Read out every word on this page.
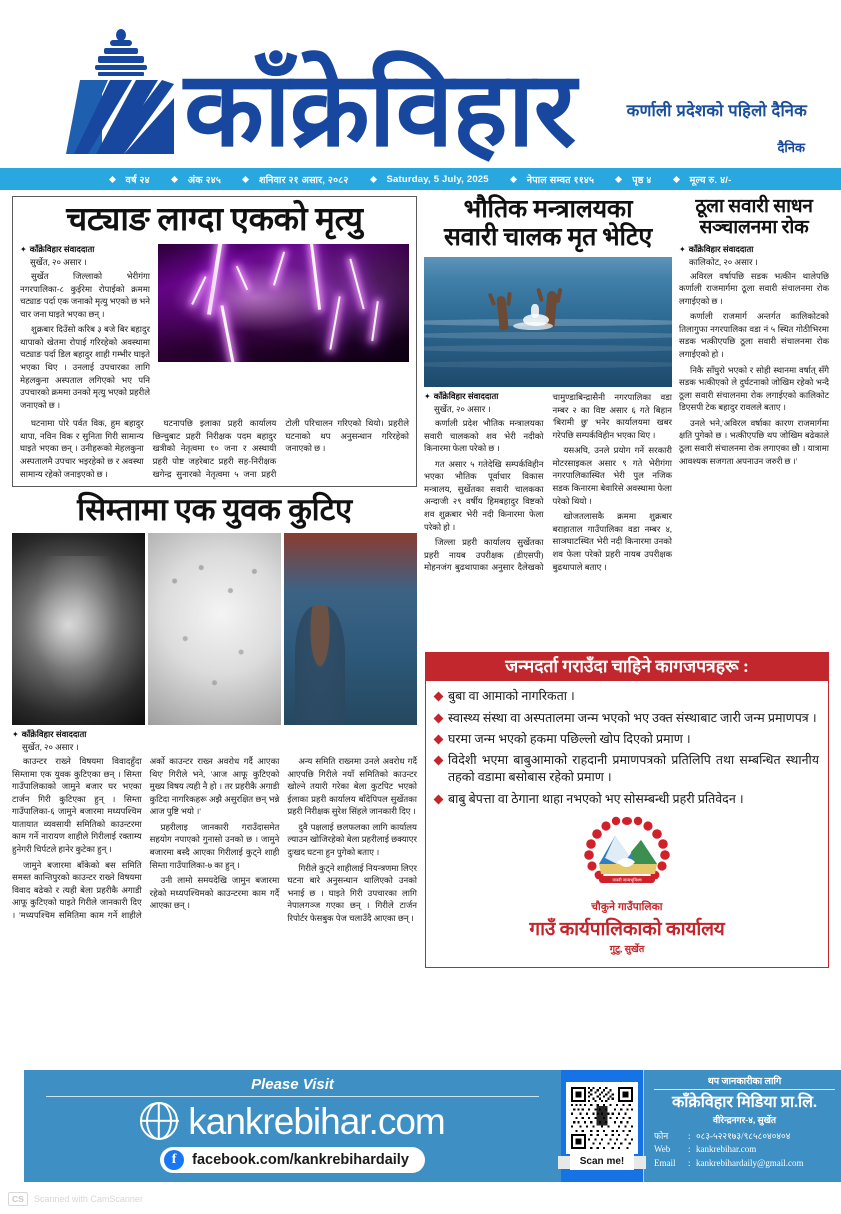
कर्णाली प्रदेशको पहिलो दैनिक
काँक्रेविहार	दैनिक
वर्ष २४	अंक २४५	शनिवार २१ असार, २०८२	Saturday, 5 July, 2025	नेपाल सम्वत ११४५	पृष्ठ ४	मूल्य रु. ४/-
चट्याङ लाग्दा एकको मृत्यु
✦ काँक्रेविहार संवाददाता

सुर्खेत, २० असार ।

सुर्खेत जिल्लाको भेरीगंगा नगरपालिका-८ कुईरेमा रोपाईको क्रममा चट्याङ पर्दा एक जनाको मृत्यु भएको छ भने चार जना घाइते भएका छन् ।

शुक्रबार दिउँसो करिब ३ बजे बिर बहादुर थापाको खेतमा रोपाई गरिरहेको अवस्थामा चट्याङ पर्दा डिल बहादुर शाही गम्भीर घाइते भएका थिए । उनलाई उपचारका लागि मेहलकुना अस्पताल लगिएको भए पनि उपचारको क्रममा उनको मृत्यु भएको प्रहरीले जनाएको छ ।

घटनामा पोरे पर्वत विक, हुम बहादुर थापा, नविन विक र सुनिता गिरी सामान्य घाइते भएका छन् । उनीहरूको मेहलकुना अस्पतालमै उपचार भइरहेको छ र अवस्था सामान्य रहेको जनाइएको छ ।

घटनापछि इलाका प्रहरी कार्यालय छिन्चुबाट प्रहरी निरीक्षक पदम बहादुर खत्रीको नेतृत्वमा १० जना र अस्थायी प्रहरी पोष्ट जहरेबाट प्रहरी सह-निरीक्षक खगेन्द्र सुनारको नेतृत्वमा ५ जना प्रहरी टोली परिचालन गरिएको थियो। प्रहरीले घटनाको थप अनुसन्धान गरिरहेको जनाएको छ ।

सिम्तामा एक युवक कुटिए
✦ काँक्रेविहार संवाददाता

सुर्खेत, २० असार ।

काउन्टर राख्ने विषयमा विवादहुँदा सिम्तामा एक युवक कुटिएका छन् । सिम्ता गाउँपालिकाको जामुने बजार घर भएका टार्जन गिरी कुटिएका हुन् । सिम्ता गाउँपालिका-६ जामुने बजारमा मध्यपश्चिम यातायात व्यवसायी समितिको काउन्टरमा काम गर्ने नारायण शाहीले गिरीलाई रक्ताम्य हुनेगरी चिर्पटले हानेर कुटेका हुन् ।

जामुने बजारमा बाँकेको बस समिति समस्त कान्तिपुरको काउन्टर राख्ने विषयमा विवाद बढेको र त्यही बेला प्रहरीकै अगाडी आफू कुटिएको घाइते गिरीले जानकारी दिए । 'मध्यपश्चिम समितिमा काम गर्ने शाहीले अर्को काउन्टर राख्न अवरोध गर्दै आएका थिए' गिरीले भने, 'आज आफू कुटिएको मुख्य विषय त्यही नै हो । तर प्रहरीकै अगाडी कुटिदा नागरिकहरू अझै असुरक्षित छन् भन्ने आज पुष्टि भयो ।'

प्रहरीलाइ जानकारी गराउँदासमेत सहयोग नपाएको गुनासो उनको छ । जामुने बजारमा बस्दै आएका गिरीलाई कुट्ने शाही सिम्ता गाउँपालिका-७ का हुन् ।

उनी लामो समयदेखि जामुन बजारमा रहेको मध्यपश्चिमको काउन्टरमा काम गर्दै आएका छन् ।

अन्य समिति राख्नमा उनले अवरोध गर्दै आएपछि गिरीले नयाँ समितिको काउन्टर खोल्ने तयारी गरेका बेला कुटपिट भएको ईलाका प्रहरी कार्यालय बाँदेपिपल सुर्खेतका प्रहरी निरीक्षक सुरेश सिंहले जानकारी दिए ।

दुवै पक्षलाई छलफलका लागि कार्यालय ल्याउन खोजिरहेको बेला प्रहरीलाई छक्याएर दुःखद घटना हुन पुगेको बताए ।

गिरीले कुट्ने शाहीलाई नियन्त्रणमा लिएर घटना बारे अनुसन्धान थालिएको उनको भनाई छ । घाइते गिरी उपचारका लागि नेपालगञ्ज गएका छन् । गिरीले टार्जन रिपोर्टर फेसबुक पेज चलाउँदै आएका छन् ।

भौतिक मन्त्रालयका
सवारी चालक मृत भेटिए
✦ काँक्रेविहार संवाददाता

सुर्खेत, २० असार ।

कर्णाली प्रदेश भौतिक मन्त्रालयका सवारी चालकको शव भेरी नदीको किनारमा फेला परेको छ ।

गत असार ५ गतेदेखि सम्पर्कविहीन भएका भौतिक पूर्वाधार विकास मन्त्रालय, सुर्खेतका सवारी चालकका अन्दाजी २९ वर्षीय हिमबहादुर विष्टको शव शुक्रबार भेरी नदी किनारमा फेला परेको हो ।

जिल्ला प्रहरी कार्यालय सुर्खेतका प्रहरी नायब उपरीक्षक (डीएसपी) मोहनजंग बुढथापाका अनुसार दैलेखको चामुण्डाबिन्द्रासैनी नगरपालिका वडा नम्बर २ का विष्ट असार ६ गते बिहान 'बिरामी छु' भनेर कार्यालयमा खबर गरेपछि सम्पर्कविहीन भएका थिए ।

यसअघि, उनले प्रयोग गर्ने सरकारी मोटरसाइकल असार ९ गते भेरीगंगा नगरपालिकास्थित भेरी पुल नजिक सडक किनारमा बेवारिसे अवस्थामा फेला परेको थियो ।

खोजतलासकै क्रममा शुक्रबार बराहाताल गाउँपालिका वडा नम्बर ४, साञघाटस्थित भेरी नदी किनारमा उनको शव फेला परेको प्रहरी नायब उपरीक्षक बुढथापाले बताए ।

ठूला सवारी साधन
सञ्चालनमा रोक
✦ काँक्रेविहार संवाददाता

कालिकोट, २० असार ।

अविरल वर्षापछि सडक भत्कीन थालेपछि कर्णाली राजमार्गमा ठूला सवारी संचालनमा रोक लगाईएको छ ।

कर्णाली राजमार्ग अन्तर्गत कालिकोटको तिलागुफा नगरपालिका वडा नं ५ स्थित गोठीभिरमा सडक भत्कीएपछि ठूला सवारी संचालनमा रोक लगाईएको हो ।

निकै साँघुरो भएको र सोही स्थानमा वर्षात् सँगै सडक भत्कीएको ले दुर्घटनाको जोखिम रहेको भन्दै ठूला सवारी संचालनमा रोक लगाईएको कालिकोट डिएसपी टेक बहादुर रावलले बताए ।

उनले भने,'अविरल वर्षाका कारण राजमार्गमा क्षति पुगेको छ । भत्कीएपछि थप जोखिम बढेकाले ठूला सवारी संचालनमा रोक लगाएका छौ । यात्रामा आवश्यक सजगता अपनाउन जरुरी छ ।'

जन्मदर्ता गराउँदा चाहिने कागजपत्रहरू :
बुबा वा आमाको नागरिकता ।
स्वास्थ्य संस्था वा अस्पतालमा जन्म भएको भए उक्त संस्थाबाट जारी जन्म प्रमाणपत्र ।
घरमा जन्म भएको हकमा पछिल्लो खोप दिएको प्रमाण ।
विदेशी भएमा बाबुआमाको राहदानी प्रमाणपत्रको प्रतिलिपि तथा सम्बन्धित स्थानीय तहको वडामा बसोबास रहेको प्रमाण ।
बाबु बेपत्ता वा ठेगाना थाहा नभएको भए सोसम्बन्धी प्रहरी प्रतिवेदन ।
जननी जन्मभूमिश्च
चौकुने गाउँपालिका
गाउँ कार्यपालिकाको कार्यालय
गुटु, सुर्खेत
Please Visit
kankrebihar.com
f	facebook.com/kankrebihardaily	Scan me!
थप जानकारीका लागि
काँक्रेविहार मिडिया प्रा.लि.
वीरेन्द्रनगर-४, सुर्खेत
फोन	: ०८३-५२२१७३/९८५८०४०४०४
Web	: kankrebihar.com
Email	: kankrebihardaily@gmail.com
CS	Scanned with CamScanner
